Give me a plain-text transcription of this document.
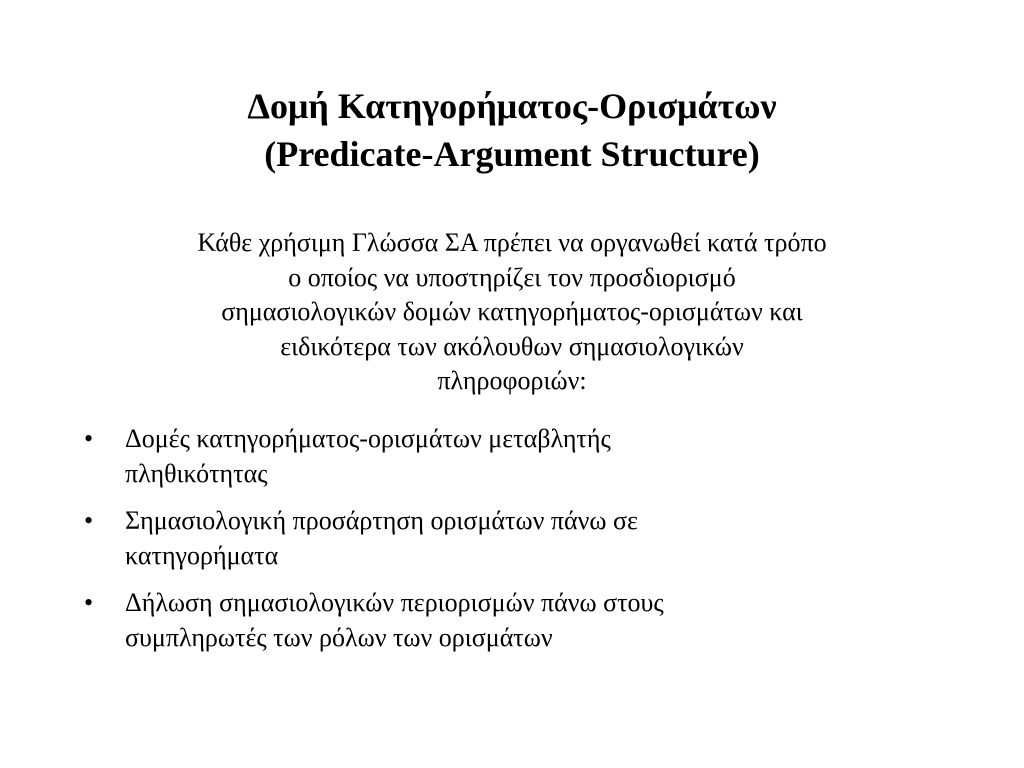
Δομή Κατηγορήματος-Ορισμάτων
(Predicate-Argument Structure)
Κάθε χρήσιμη Γλώσσα ΣΑ πρέπει να οργανωθεί κατά τρόπο
ο οποίος να υποστηρίζει τον προσδιορισμό
σημασιολογικών δομών κατηγορήματος-ορισμάτων και
ειδικότερα των ακόλουθων σημασιολογικών
πληροφοριών:
•	Δομές κατηγορήματος-ορισμάτων μεταβλητής
πληθικότητας
•	Σημασιολογική προσάρτηση ορισμάτων πάνω σε
κατηγορήματα
•	Δήλωση σημασιολογικών περιορισμών πάνω στους
συμπληρωτές των ρόλων των ορισμάτων
